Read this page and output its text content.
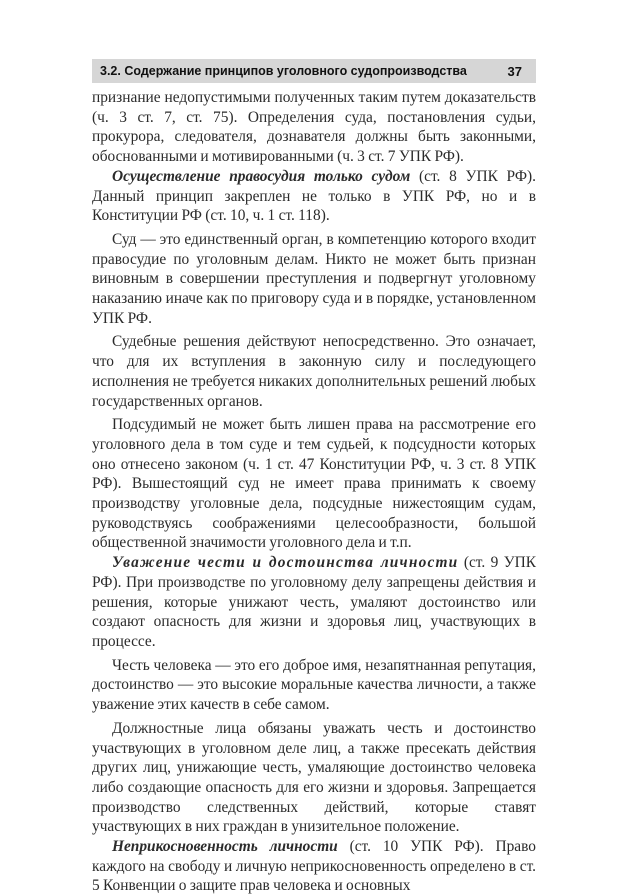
3.2. Содержание принципов уголовного судопроизводства	37

признание недопустимыми полученных таким путем доказательств (ч. 3 ст. 7, ст. 75). Определения суда, постановления судьи, прокурора, следователя, дознавателя должны быть законными, обоснованными и мотивированными (ч. 3 ст. 7 УПК РФ).

Осуществление правосудия только судом (ст. 8 УПК РФ). Данный принцип закреплен не только в УПК РФ, но и в Конституции РФ (ст. 10, ч. 1 ст. 118).

Суд — это единственный орган, в компетенцию которого входит правосудие по уголовным делам. Никто не может быть признан виновным в совершении преступления и подвергнут уголовному наказанию иначе как по приговору суда и в порядке, установленном УПК РФ.

Судебные решения действуют непосредственно. Это означает, что для их вступления в законную силу и последующего исполнения не требуется никаких дополнительных решений любых государственных органов.

Подсудимый не может быть лишен права на рассмотрение его уголовного дела в том суде и тем судьей, к подсудности которых оно отнесено законом (ч. 1 ст. 47 Конституции РФ, ч. 3 ст. 8 УПК РФ). Вышестоящий суд не имеет права принимать к своему производству уголовные дела, подсудные нижестоящим судам, руководствуясь соображениями целесообразности, большой общественной значимости уголовного дела и т.п.

Уважение чести и достоинства личности (ст. 9 УПК РФ). При производстве по уголовному делу запрещены действия и решения, которые унижают честь, умаляют достоинство или создают опасность для жизни и здоровья лиц, участвующих в процессе.

Честь человека — это его доброе имя, незапятнанная репутация, достоинство — это высокие моральные качества личности, а также уважение этих качеств в себе самом.

Должностные лица обязаны уважать честь и достоинство участвующих в уголовном деле лиц, а также пресекать действия других лиц, унижающие честь, умаляющие достоинство человека либо создающие опасность для его жизни и здоровья. Запрещается производство следственных действий, которые ставят участвующих в них граждан в унизительное положение.

Неприкосновенность личности (ст. 10 УПК РФ). Право каждого на свободу и личную неприкосновенность определено в ст. 5 Конвенции о защите прав человека и основных
